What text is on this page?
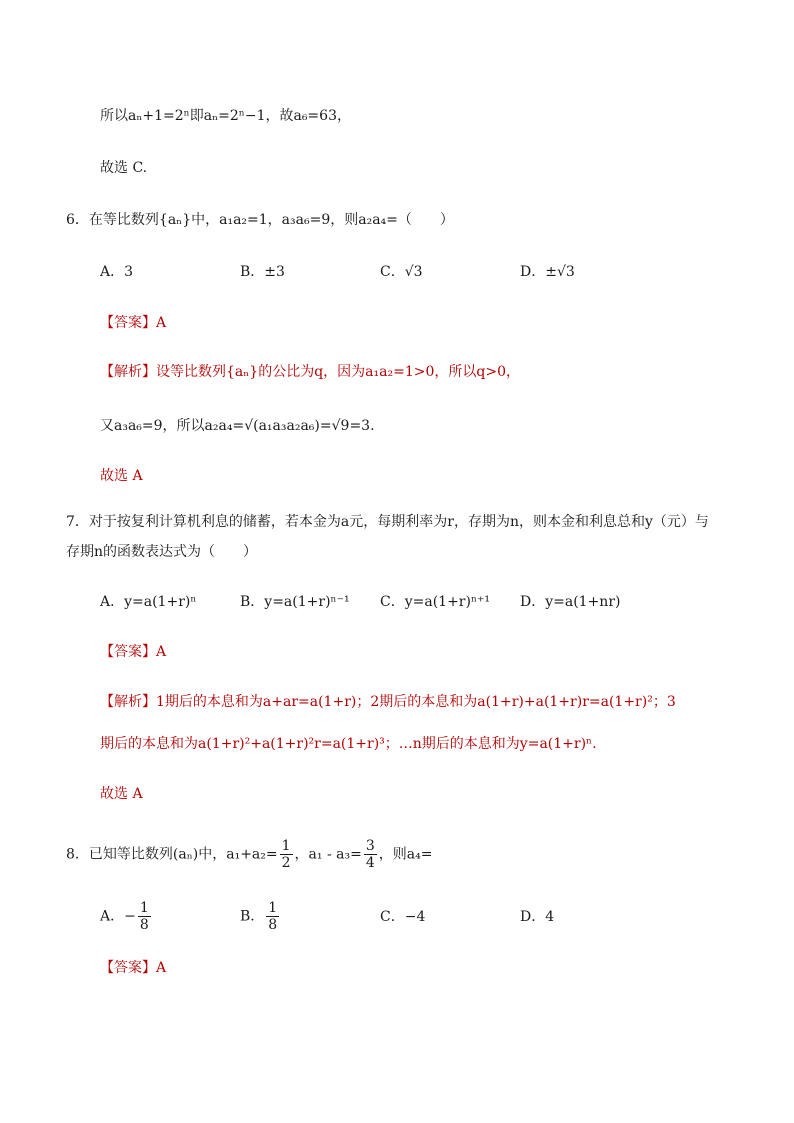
所以aₙ+1=2ⁿ即aₙ=2ⁿ−1，故a₆=63，
故选 C.
6．在等比数列{aₙ}中，a₁a₂=1，a₃a₆=9，则a₂a₄=（　　）
A．3	B．±3	C．√3	D．±√3
【答案】A
【解析】设等比数列{aₙ}的公比为q，因为a₁a₂=1>0，所以q>0，
又a₃a₆=9，所以a₂a₄=√(a₁a₃a₂a₆)=√9=3.
故选 A
7．对于按复利计算机利息的储蓄，若本金为a元，每期利率为r，存期为n，则本金和利息总和y（元）与
存期n的函数表达式为（　　）
A．y=a(1+r)ⁿ	B．y=a(1+r)ⁿ⁻¹ C．y=a(1+r)ⁿ⁺¹ D．y=a(1+nr)
【答案】A
【解析】1期后的本息和为a+ar=a(1+r)；2期后的本息和为a(1+r)+a(1+r)r=a(1+r)²；3
期后的本息和为a(1+r)²+a(1+r)²r=a(1+r)³；…n期后的本息和为y=a(1+r)ⁿ.
故选 A
8．已知等比数列(aₙ)中，$a_1+a_2= \frac{1}{2}$ ，$a_1 - a_3= \frac{3}{4}$ ，则a₄=
A．− $\frac{1}{8}$	B． $\frac{1}{8}$	C．−4	D．4
【答案】A
